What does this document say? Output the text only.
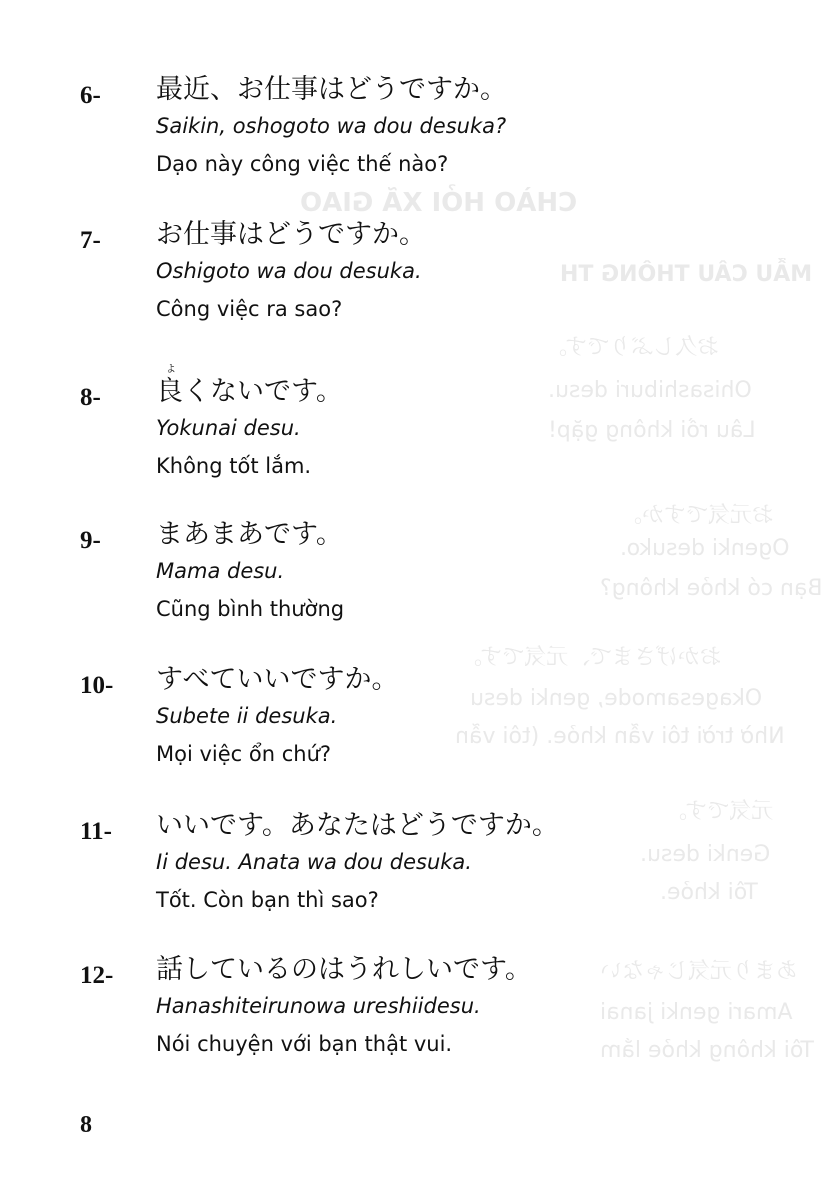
CHÀO HỎI XÃ GIAO
MẪU CÂU THÔNG TH
お久しぶりです。
Ohisashiburi desu.
Lâu rồi không gặp!
お元気ですか。
Ogenki desuko.
Bạn có khỏe không?
おかげさまで、元気です。
Okagesamode, genki desu
Nhờ trời tôi vẫn khỏe. (tôi vẫn
元気です。
Genki desu.
Tôi khỏe.
あまり元気じゃない
Amari genki janai
Tôi không khỏe lắm
6- 最近、お仕事はどうですか。
Saikin, oshogoto wa dou desuka?
Dạo này công việc thế nào?
7- お仕事はどうですか。
Oshigoto wa dou desuka.
Công việc ra sao?
よ
8- 良くないです。
Yokunai desu.
Không tốt lắm.
9- まあまあです。
Mama desu.
Cũng bình thường
10- すべていいですか。
Subete ii desuka.
Mọi việc ổn chứ?
11- いいです。あなたはどうですか。
Ii desu. Anata wa dou desuka.
Tốt. Còn bạn thì sao?
12- 話しているのはうれしいです。
Hanashiteirunowa ureshiidesu.
Nói chuyện với bạn thật vui.
8
